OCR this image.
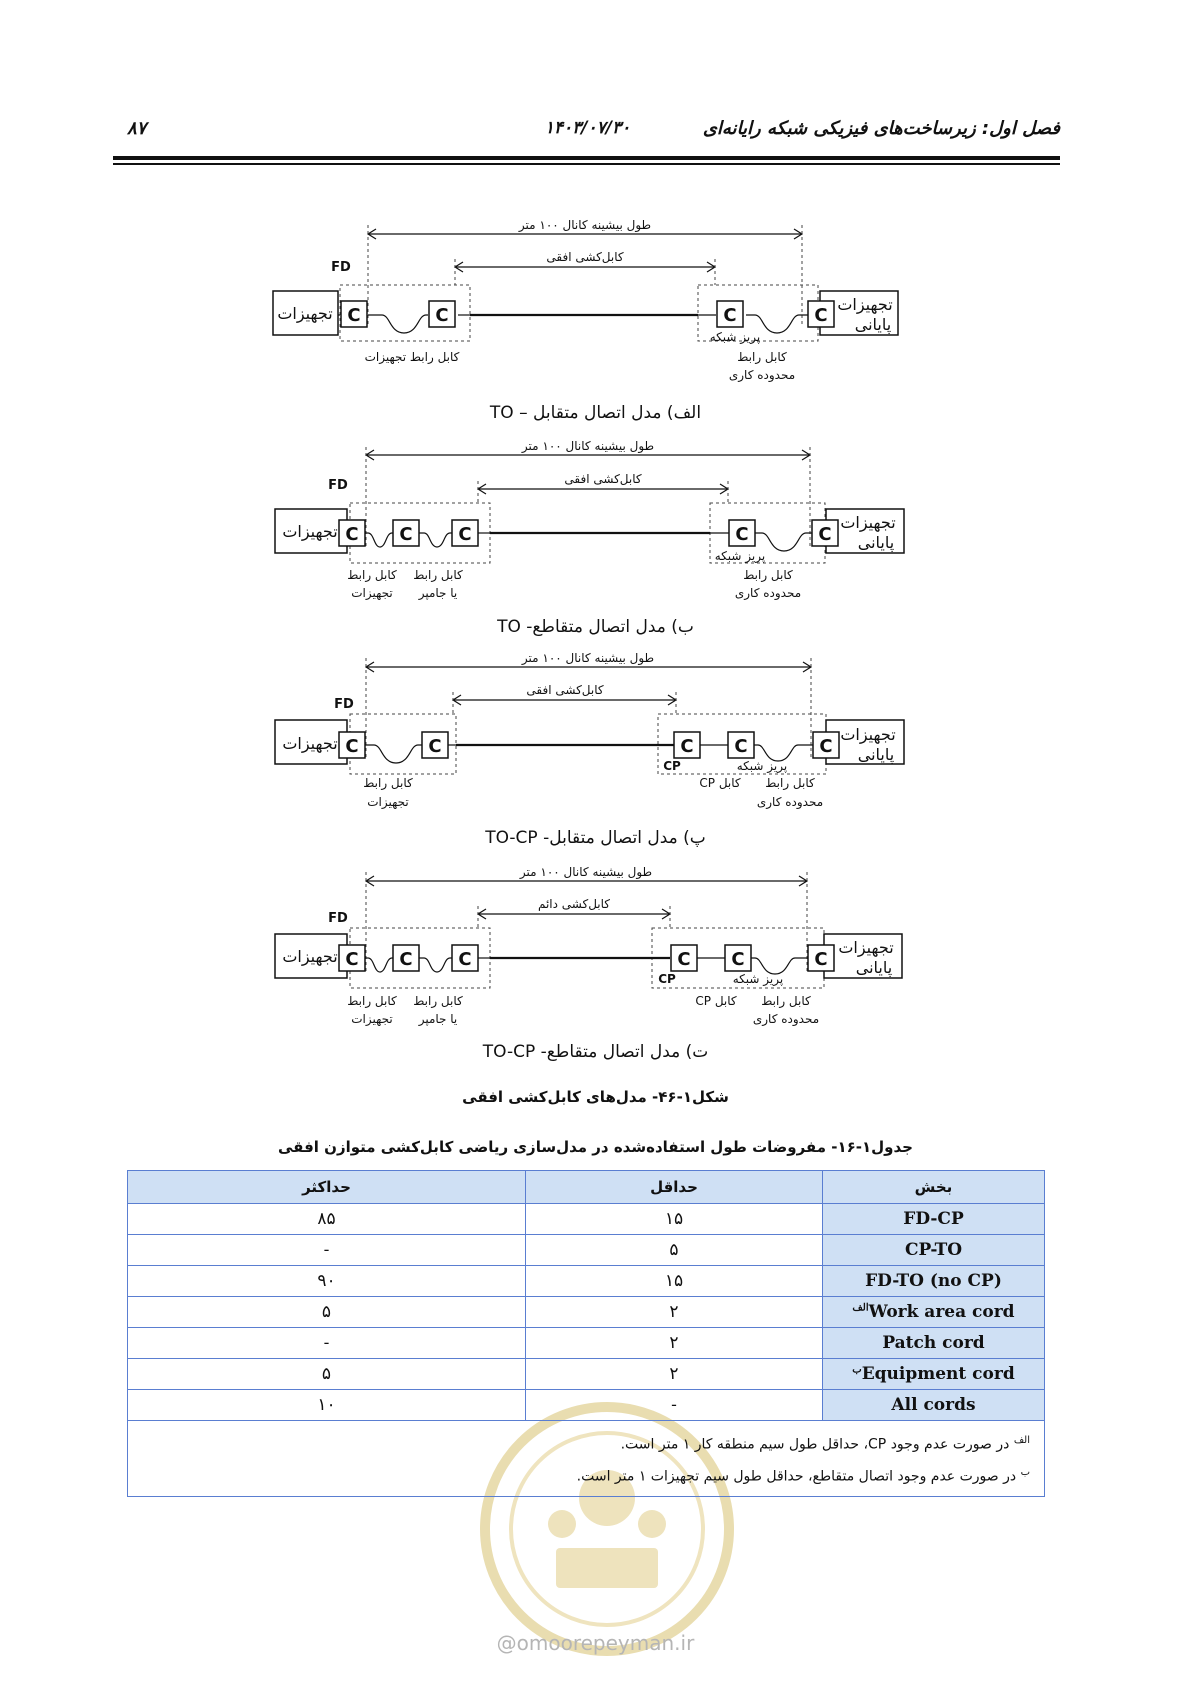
فصل اول: زیرساخت‌های فیزیکی شبکه رایانه‌ای
۱۴۰۳/۰۷/۳۰
۸۷
C	C	C	C
طول بیشینه کانال ۱۰۰ متر
کابل‌کشی افقی
FD
تجهیزات	تجهیزات
پایانی
کابل رابط تجهیزات
پریز شبکه
کابل رابط
محدوده کاری
الف) مدل اتصال متقابل – TO
C C	C	C	C
طول بیشینه کانال ۱۰۰ متر
کابل‌کشی افقی
FD
تجهیزات	تجهیزات
پایانی
کابل رابط
تجهیزات
کابل رابط
یا جامپر
پریز شبکه
کابل رابط
محدوده کاری
ب) مدل اتصال متقاطع- TO
C	C	C C	C
طول بیشینه کانال ۱۰۰ متر
کابل‌کشی افقی
FD
CP
تجهیزات	تجهیزات
پایانی
کابل رابط
تجهیزات
پریز شبکه
کابل CP کابل رابط
محدوده کاری
پ) مدل اتصال متقابل- TO-CP
C C	C	C C	C
طول بیشینه کانال ۱۰۰ متر
کابل‌کشی دائم
FD
CP
تجهیزات	تجهیزات
پایانی
کابل رابط
تجهیزات
کابل رابط
یا جامپر
پریز شبکه
کابل CP کابل رابط
محدوده کاری
ت) مدل اتصال متقاطع- TO-CP
شکل۱-۴۶- مدل‌های کابل‌کشی افقی
جدول۱-۱۶- مفروضات طول استفاده‌شده در مدل‌سازی ریاضی کابل‌کشی متوازن افقی
بخش	حداقل	حداکثر
FD-CP	۱۵	۸۵
CP-TO	۵	-
FD-TO (no CP)	۱۵	۹۰
$^{الف}$Work area cord	۲	۵
Patch cord	۲	-
$^ب$Equipment cord	۲	۵
All cords	-	۱۰

$^{الف}$ در صورت عدم وجود CP، حداقل طول سیم منطقه کار ۱ متر است.
$^ب$ در صورت عدم وجود اتصال متقاطع، حداقل طول سیم تجهیزات ۱ متر است.		
@omoorepeyman.ir
